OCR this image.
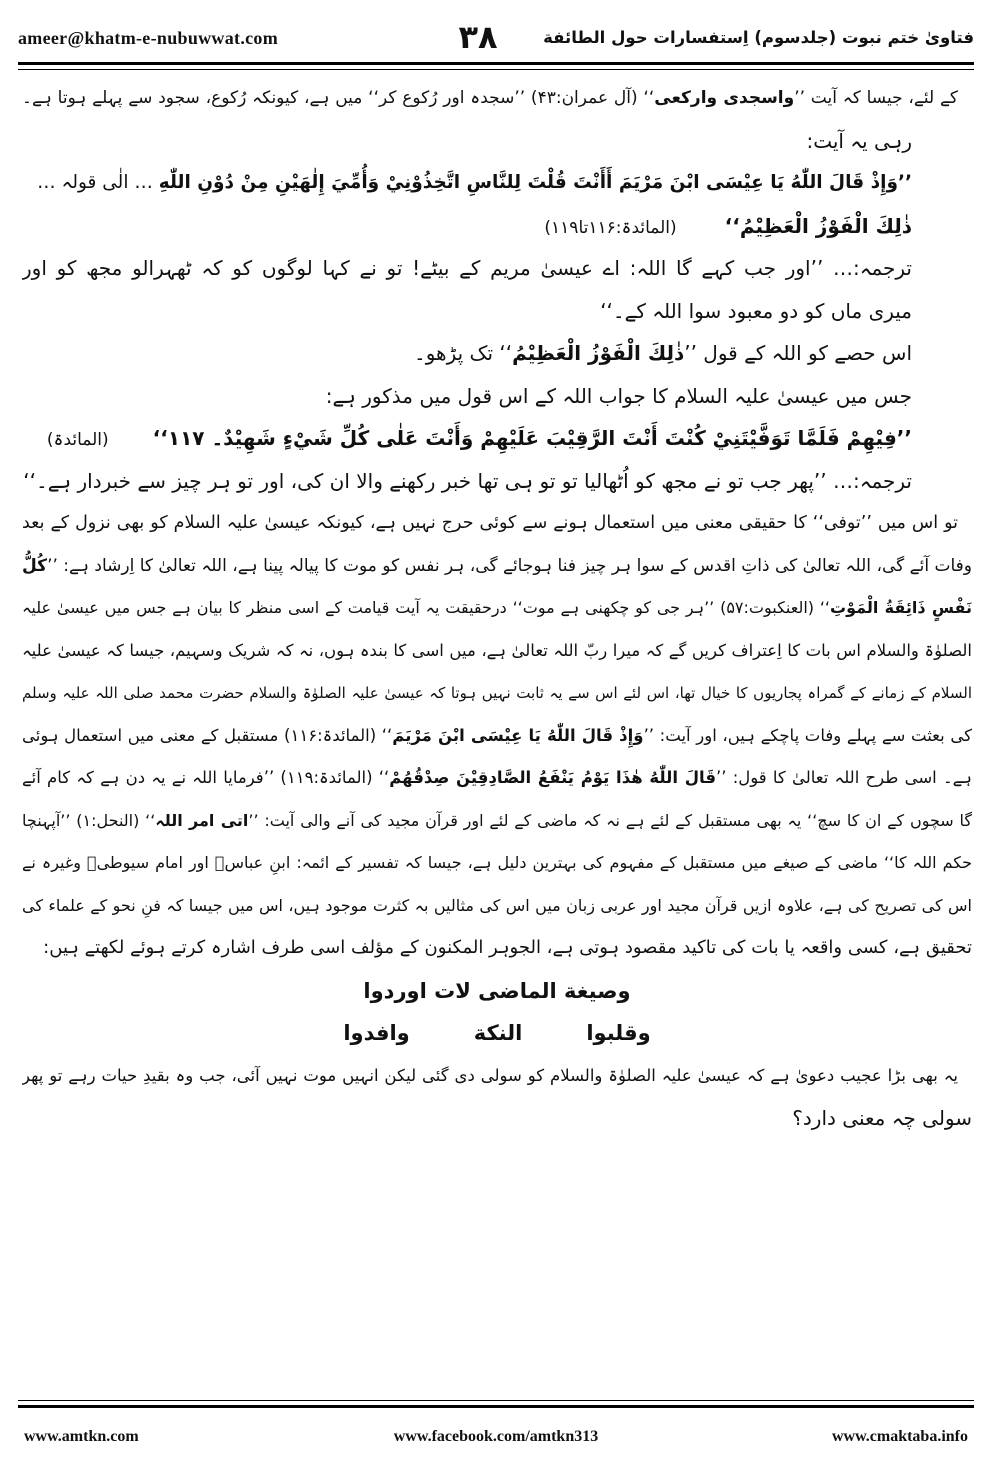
ameer@khatm-e-nubuwwat.com	۳۸	فتاویٰ ختم نبوت (جلدسوم) اِستفسارات حول الطائفة
کے لئے، جیسا کہ آیت ’’واسجدی وارکعی‘‘ (آل عمران:۴۳) ’’سجدہ اور رُکوع کر‘‘ میں ہے، کیونکہ رُکوع، سجود سے پہلے ہوتا ہے۔
رہی یہ آیت:
’’وَإِذْ قَالَ اللّٰهُ يَا عِيْسَى ابْنَ مَرْيَمَ أَأَنْتَ قُلْتَ لِلنَّاسِ اتَّخِذُوْنِيْ وَأُمِّيَ إِلٰهَيْنِ مِنْ دُوْنِ اللّٰهِ … الٰی قولہ …
ذٰلِكَ الْفَوْزُ الْعَظِيْمُ‘‘(المائدۃ:۱۱۶تا۱۱۹)
ترجمہ:… ’’اور جب کہے گا اللہ: اے عیسیٰ مریم کے بیٹے! تو نے کہا لوگوں کو کہ ٹھہرالو مجھ کو اور
میری ماں کو دو معبود سوا اللہ کے۔‘‘
اس حصے کو اللہ کے قول ’’ذٰلِكَ الْفَوْزُ الْعَظِيْمُ‘‘ تک پڑھو۔
جس میں عیسیٰ علیہ السلام کا جواب اللہ کے اس قول میں مذکور ہے:
’’فِيْهِمْ فَلَمَّا تَوَفَّيْتَنِيْ كُنْتَ أَنْتَ الرَّقِيْبَ عَلَيْهِمْ وَأَنْتَ عَلٰى كُلِّ شَيْءٍ شَهِيْدٌ۔ ۱۱۷‘‘(المائدۃ)
ترجمہ:… ’’پھر جب تو نے مجھ کو اُٹھالیا تو تو ہی تھا خبر رکھنے والا ان کی، اور تو ہر چیز سے خبردار ہے۔‘‘
تو اس میں ’’توفی‘‘ کا حقیقی معنی میں استعمال ہونے سے کوئی حرج نہیں ہے، کیونکہ عیسیٰ علیہ السلام کو بھی نزول کے بعد
وفات آئے گی، اللہ تعالیٰ کی ذاتِ اقدس کے سوا ہر چیز فنا ہوجائے گی، ہر نفس کو موت کا پیالہ پینا ہے، اللہ تعالیٰ کا اِرشاد ہے: ’’كُلُّ
نَفْسٍ ذَائِقَةُ الْمَوْتِ‘‘ (العنکبوت:۵۷) ’’ہر جی کو چکھنی ہے موت‘‘ درحقیقت یہ آیت قیامت کے اسی منظر کا بیان ہے جس میں عیسیٰ علیہ
الصلوٰۃ والسلام اس بات کا اِعتراف کریں گے کہ میرا ربّ اللہ تعالیٰ ہے، میں اسی کا بندہ ہوں، نہ کہ شریک وسہیم، جیسا کہ عیسیٰ علیہ
السلام کے زمانے کے گمراہ پجاریوں کا خیال تھا، اس لئے اس سے یہ ثابت نہیں ہوتا کہ عیسیٰ علیہ الصلوٰۃ والسلام حضرت محمد صلی اللہ علیہ وسلم
کی بعثت سے پہلے وفات پاچکے ہیں، اور آیت: ’’وَإِذْ قَالَ اللّٰهُ يَا عِيْسَى ابْنَ مَرْيَمَ‘‘ (المائدۃ:۱۱۶) مستقبل کے معنی میں استعمال ہوئی
ہے۔ اسی طرح اللہ تعالیٰ کا قول: ’’قَالَ اللّٰهُ هٰذَا يَوْمُ يَنْفَعُ الصَّادِقِيْنَ صِدْقُهُمْ‘‘ (المائدۃ:۱۱۹) ’’فرمایا اللہ نے یہ دن ہے کہ کام آئے
گا سچوں کے ان کا سچ‘‘ یہ بھی مستقبل کے لئے ہے نہ کہ ماضی کے لئے اور قرآن مجید کی آنے والی آیت: ’’اتی امر اللہ‘‘ (النحل:۱) ’’آپہنچا
حکم اللہ کا‘‘ ماضی کے صیغے میں مستقبل کے مفہوم کی بہترین دلیل ہے، جیسا کہ تفسیر کے ائمہ: ابنِ عباسؓ اور امام سیوطیؒ وغیرہ نے
اس کی تصریح کی ہے، علاوہ ازیں قرآن مجید اور عربی زبان میں اس کی مثالیں بہ کثرت موجود ہیں، اس میں جیسا کہ فنِ نحو کے علماء کی
تحقیق ہے، کسی واقعہ یا بات کی تاکید مقصود ہوتی ہے، الجوہر المکنون کے مؤلف اسی طرف اشارہ کرتے ہوئے لکھتے ہیں:
وصيغة الماضى لات اوردوا
وقلبواالنكةوافدوا
یہ بھی بڑا عجیب دعویٰ ہے کہ عیسیٰ علیہ الصلوٰۃ والسلام کو سولی دی گئی لیکن انہیں موت نہیں آئی، جب وہ بقیدِ حیات رہے تو پھر
سولی چہ معنی دارد؟
www.facebook.com/amtkn313
www.amtkn.com	www.cmaktaba.info
